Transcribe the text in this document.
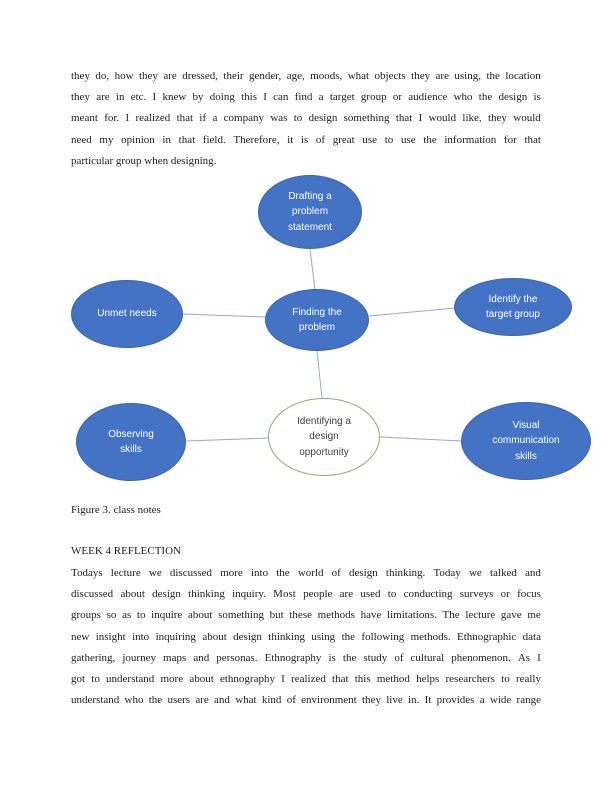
they do, how they are dressed, their gender, age, moods, what objects they are using, the location
they are in etc. I knew by doing this I can find a target group or audience who the design is
meant for. I realized that if a company was to design something that I would like, they would
need my opinion in that field. Therefore, it is of great use to use the information for that
particular group when designing.
Drafting a problem statement
Unmet needs	Finding the problem
Identify the target group
Observing skills
Identifying a design opportunity
Visual communication skills
Figure 3. class notes
WEEK 4 REFLECTION
Todays lecture we discussed more into the world of design thinking. Today we talked and
discussed about design thinking inquiry. Most people are used to conducting surveys or focus
groups so as to inquire about something but these methods have limitations. The lecture gave me
new insight into inquiring about design thinking using the following methods. Ethnographic data
gathering, journey maps and personas. Ethnography is the study of cultural phenomenon. As I
got to understand more about ethnography I realized that this method helps researchers to really
understand who the users are and what kind of environment they live in. It provides a wide range
